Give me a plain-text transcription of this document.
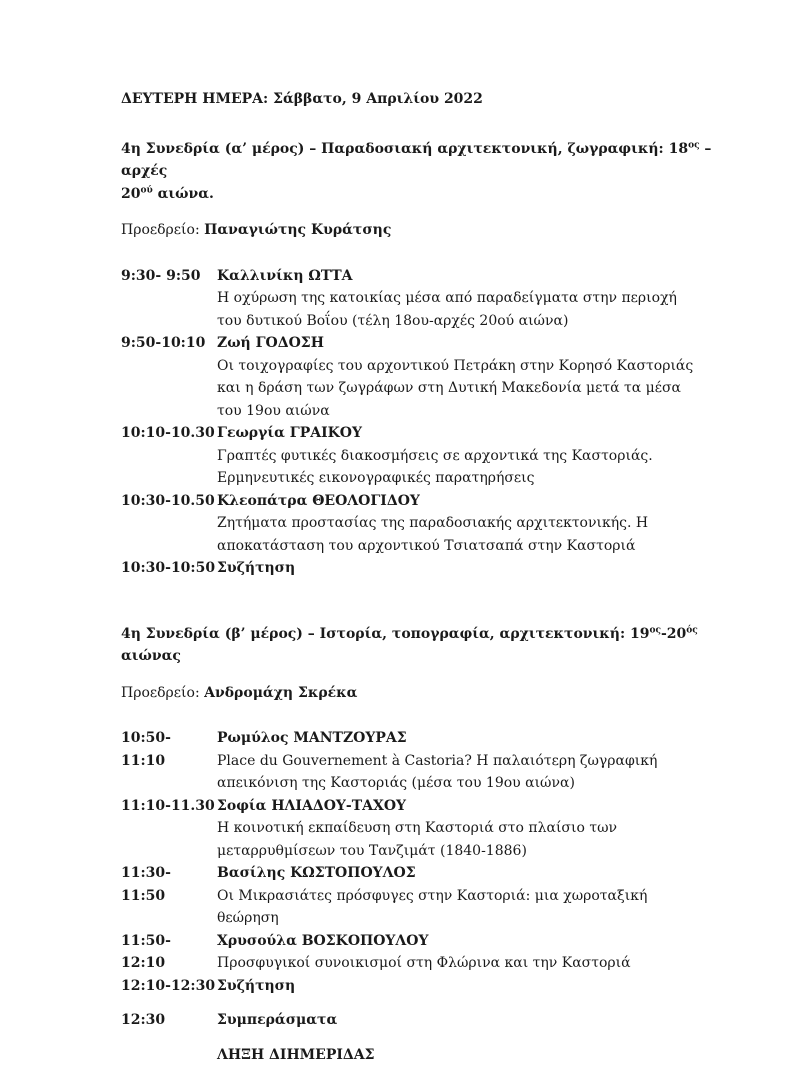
ΔΕΥΤΕΡΗ ΗΜΕΡΑ: Σάββατο, 9 Απριλίου 2022
4η Συνεδρία (α’ μέρος) – Παραδοσιακή αρχιτεκτονική, ζωγραφική: $18^{o\varsigma}$ – αρχές
$20^{oύ}$ αιώνα.
Προεδρείο: Παναγιώτης Κυράτσης
9:30- 9:50	Καλλινίκη ΩΤΤΑ
Η οχύρωση της κατοικίας μέσα από παραδείγματα στην περιοχή του δυτικού Βοΐου (τέλη 18ου-αρχές 20ού αιώνα)
9:50-10:10 Ζωή ΓΟΔΟΣΗ
Οι τοιχογραφίες του αρχοντικού Πετράκη στην Κορησό Καστοριάς και η δράση των ζωγράφων στη Δυτική Μακεδονία μετά τα μέσα του 19ου αιώνα
10:10-10.30 Γεωργία ΓΡΑΙΚΟΥ
Γραπτές φυτικές διακοσμήσεις σε αρχοντικά της Καστοριάς. Ερμηνευτικές εικονογραφικές παρατηρήσεις
10:30-10.50 Κλεοπάτρα ΘΕΟΛΟΓΙΔΟΥ
Ζητήματα προστασίας της παραδοσιακής αρχιτεκτονικής. Η αποκατάσταση του αρχοντικού Τσιατσαπά στην Καστοριά
10:30-10:50 Συζήτηση
4η Συνεδρία (β’ μέρος) – Ιστορία, τοπογραφία, αρχιτεκτονική: $19^{o\varsigma}-20^{ό\varsigma}$ αιώνας
Προεδρείο: Ανδρομάχη Σκρέκα
10:50- 11:10
Ρωμύλος ΜΑΝΤΖΟΥΡΑΣ
Place du Gouvernement à Castoria? Η παλαιότερη ζωγραφική απεικόνιση της Καστοριάς (μέσα του 19ου αιώνα)
11:10-11.30 Σοφία ΗΛΙΑΔΟΥ-ΤΑΧΟΥ
Η κοινοτική εκπαίδευση στη Καστοριά στο πλαίσιο των μεταρρυθμίσεων του Τανζιμάτ (1840-1886)
11:30- 11:50
Βασίλης ΚΩΣΤΟΠΟΥΛΟΣ
Οι Μικρασιάτες πρόσφυγες στην Καστοριά: μια χωροταξική θεώρηση
11:50- 12:10
Χρυσούλα ΒΟΣΚΟΠΟΥΛΟΥ
Προσφυγικοί συνοικισμοί στη Φλώρινα και την Καστοριά
12:10-12:30 Συζήτηση
12:30	Συμπεράσματα
ΛΗΞΗ ΔΙΗΜΕΡΙΔΑΣ
